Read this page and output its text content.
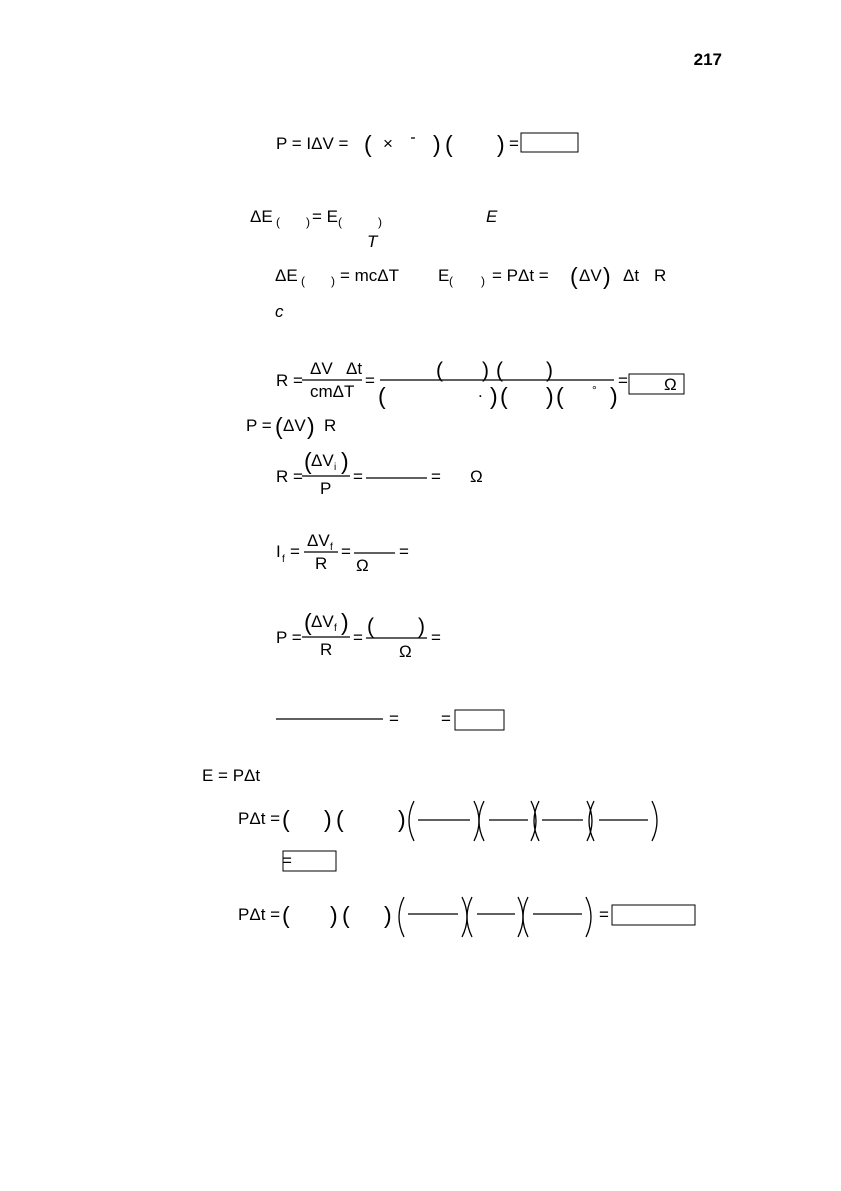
217
P = IΔV = ( × ) ( ) =
ΔE ( ) = E (	)	E
T
ΔE ( ) = mcΔT E ( ) = PΔt = ( ΔV ) Δt R
c
R =
ΔV Δt
cmΔT
=	( ) ( )
(	. ) ( ) ( ° )
= Ω
P = ( ΔV ) R
R =
( ΔV i )
P
=	= Ω
I f =
ΔV f
R
=
Ω
=
P =
( ΔV f )
R
= ( )
Ω
=
= =
E = PΔt
PΔt = ( ) ( )
=
PΔt = ( ) ( )	=
